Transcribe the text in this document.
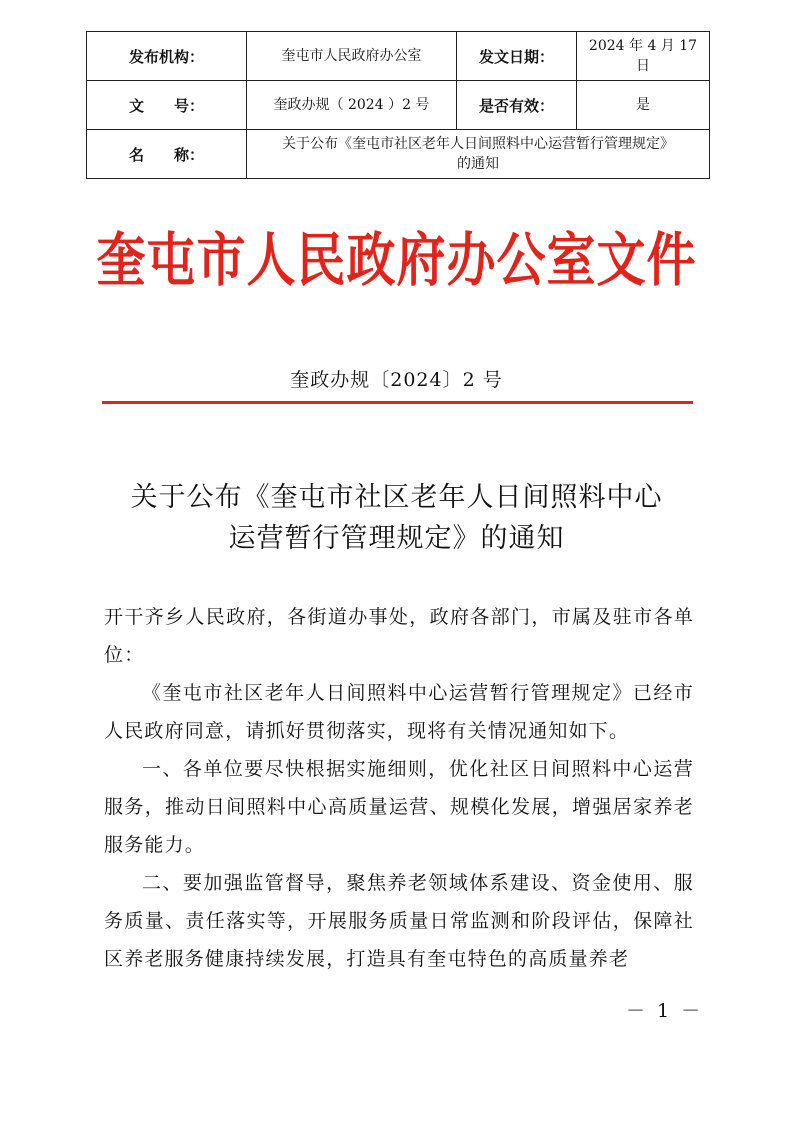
发布机构：	奎屯市人民政府办公室	发文日期：	2024 年 4 月 17 日
文　　号：	奎政办规（ 2024 ）2 号	是否有效：	是
名　　称：	关于公布《奎屯市社区老年人日间照料中心运营暂行管理规定》
的通知		
奎屯市人民政府办公室文件
奎政办规〔2024〕2 号
关于公布《奎屯市社区老年人日间照料中心
运营暂行管理规定》的通知

开干齐乡人民政府，各街道办事处，政府各部门，市属及驻市各单位：

《奎屯市社区老年人日间照料中心运营暂行管理规定》已经市人民政府同意，请抓好贯彻落实，现将有关情况通知如下。

一、各单位要尽快根据实施细则，优化社区日间照料中心运营服务，推动日间照料中心高质量运营、规模化发展，增强居家养老服务能力。

二、要加强监管督导，聚焦养老领域体系建设、资金使用、服务质量、责任落实等，开展服务质量日常监测和阶段评估，保障社区养老服务健康持续发展，打造具有奎屯特色的高质量养老

－ 1 －
